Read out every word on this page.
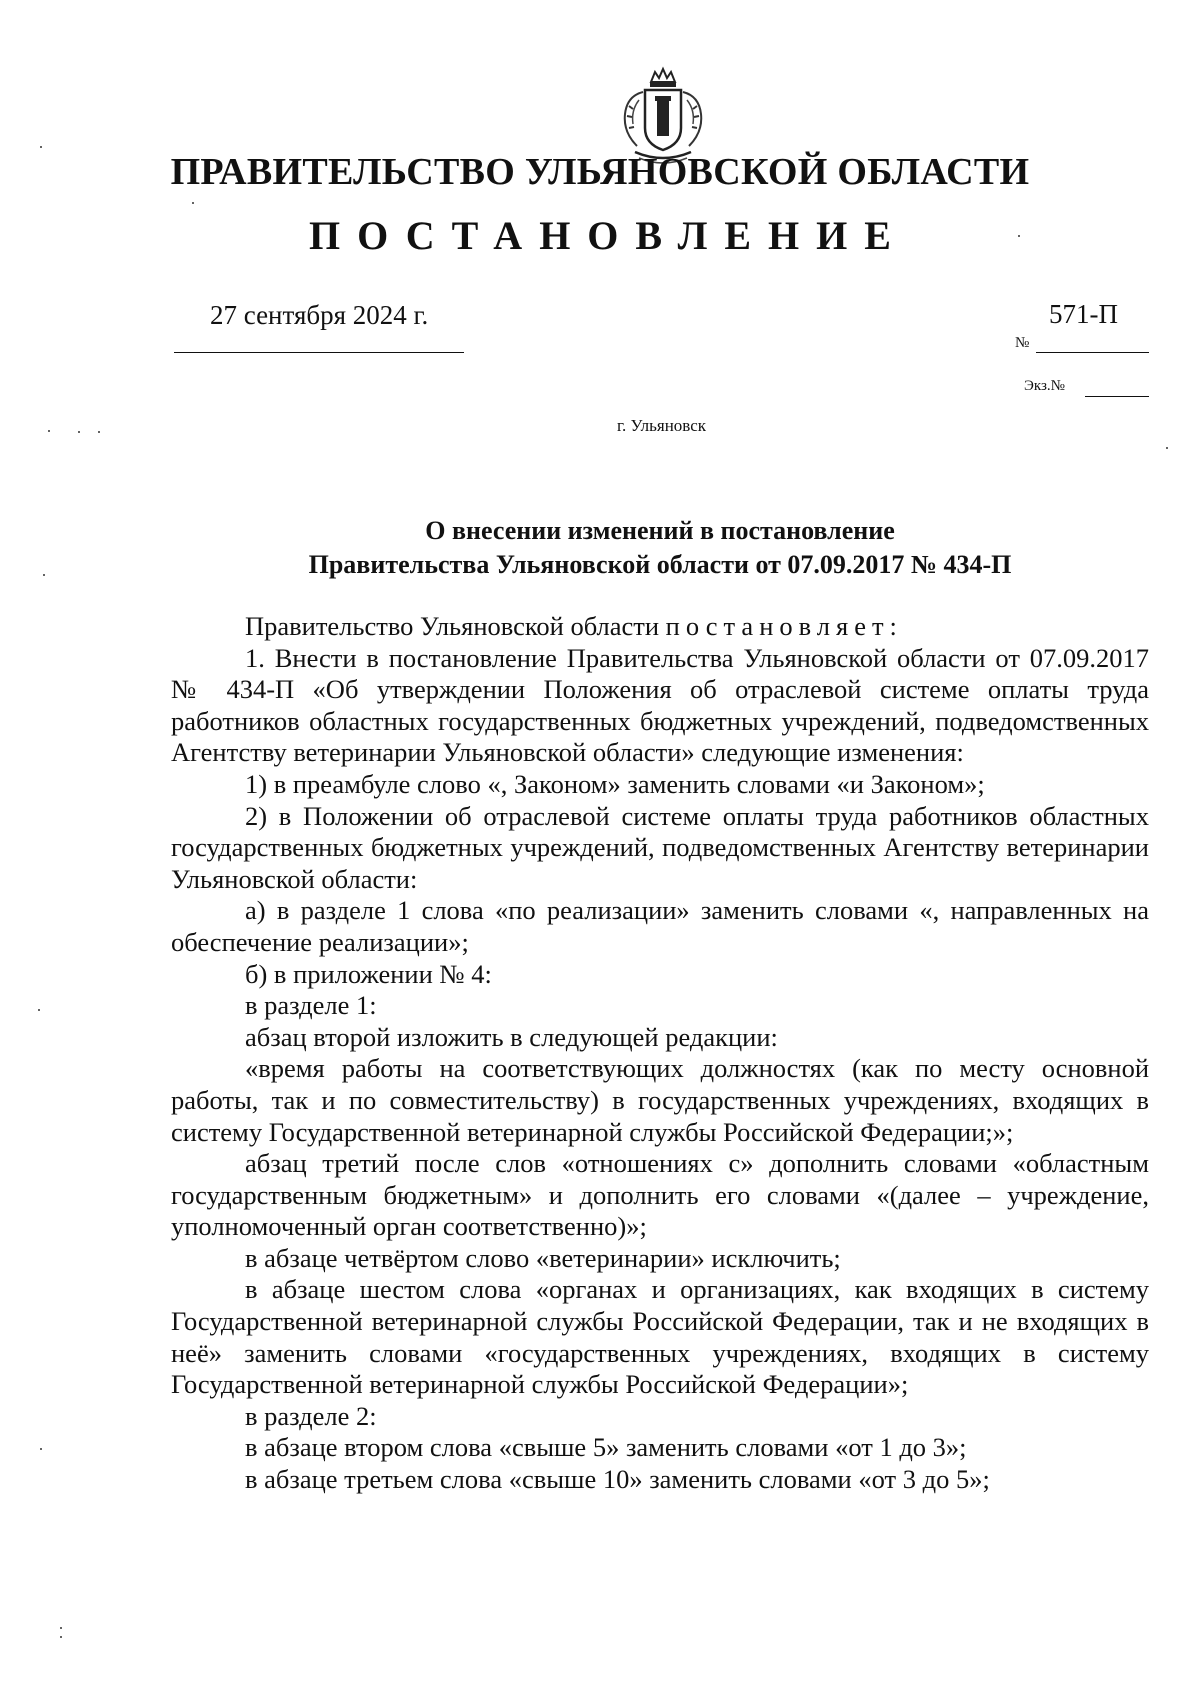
ПРАВИТЕЛЬСТВО УЛЬЯНОВСКОЙ ОБЛАСТИ
ПОСТАНОВЛЕНИЕ
27 сентября 2024 г.
№
571-П
Экз.№
г. Ульяновск
О внесении изменений в постановление
Правительства Ульяновской области от 07.09.2017 № 434-П

Правительство Ульяновской области постановляет:

1. Внести в постановление Правительства Ульяновской области от 07.09.2017 № 434-П «Об утверждении Положения об отраслевой системе оплаты труда работников областных государственных бюджетных учреждений, подведомственных Агентству ветеринарии Ульяновской области» следующие изменения:

1) в преамбуле слово «, Законом» заменить словами «и Законом»;

2) в Положении об отраслевой системе оплаты труда работников областных государственных бюджетных учреждений, подведомственных Агентству ветеринарии Ульяновской области:

а) в разделе 1 слова «по реализации» заменить словами «, направленных на обеспечение реализации»;

б) в приложении № 4:

в разделе 1:

абзац второй изложить в следующей редакции:

«время работы на соответствующих должностях (как по месту основной работы, так и по совместительству) в государственных учреждениях, входящих в систему Государственной ветеринарной службы Российской Федерации;»;

абзац третий после слов «отношениях с» дополнить словами «областным государственным бюджетным» и дополнить его словами «(далее – учреждение, уполномоченный орган соответственно)»;

в абзаце четвёртом слово «ветеринарии» исключить;

в абзаце шестом слова «органах и организациях, как входящих в систему Государственной ветеринарной службы Российской Федерации, так и не входящих в неё» заменить словами «государственных учреждениях, входящих в систему Государственной ветеринарной службы Российской Федерации»;

в разделе 2:

в абзаце втором слова «свыше 5» заменить словами «от 1 до 3»;

в абзаце третьем слова «свыше 10» заменить словами «от 3 до 5»;
